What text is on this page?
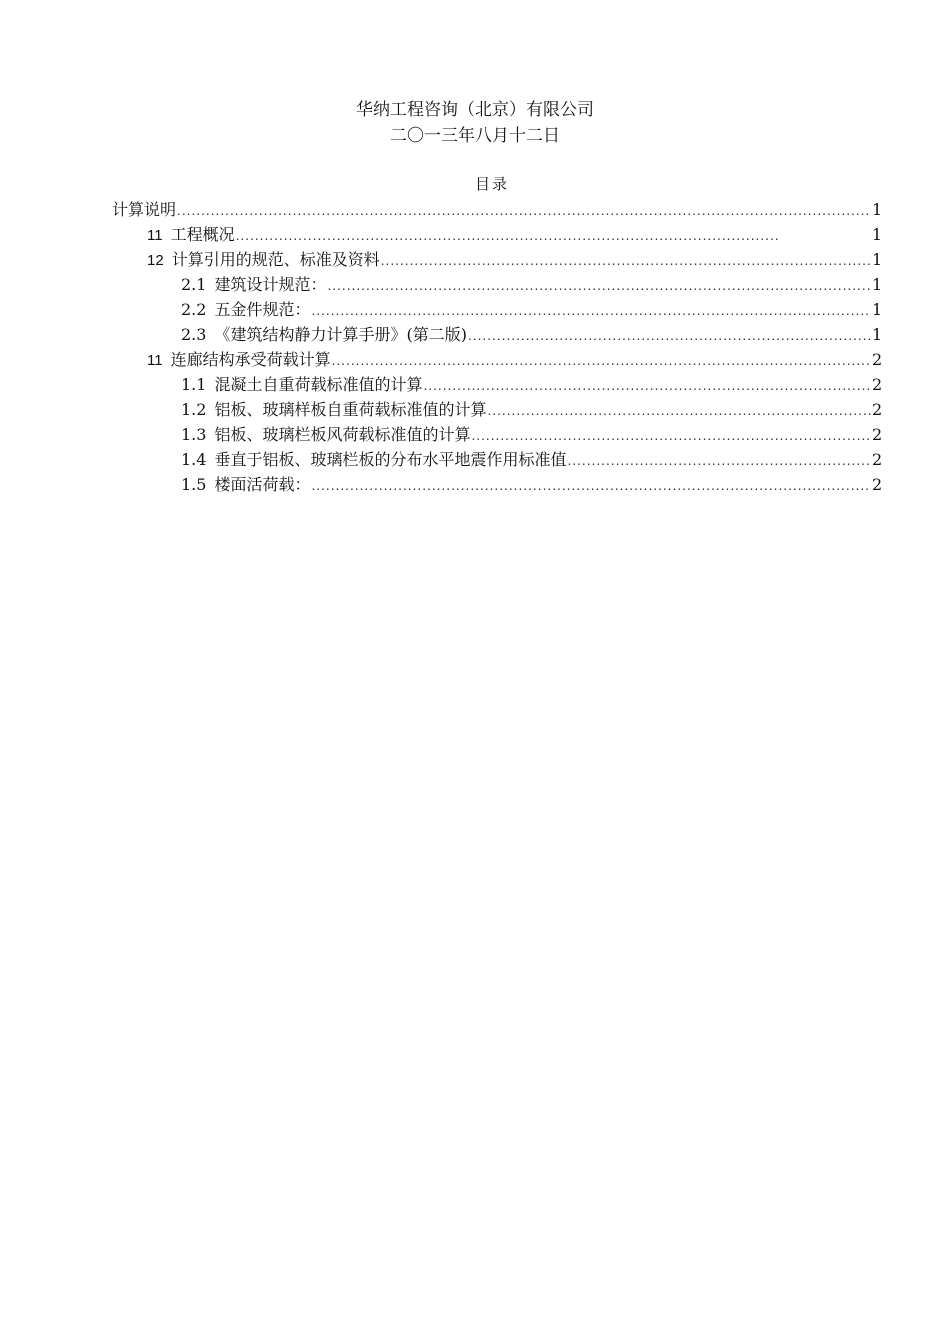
华纳工程咨询（北京）有限公司
二〇一三年八月十二日
目录
计算说明 .....	1
11 工程概况 .....	1
12 计算引用的规范、标准及资料 .....	1
2.1 建筑设计规范： .....	1
2.2 五金件规范： .....	1
2.3 《建筑结构静力计算手册》(第二版) .....	1
11 连廊结构承受荷载计算 .....	2
1.1 混凝土自重荷载标准值的计算 .....	2
1.2 铝板、玻璃样板自重荷载标准值的计算 .....	2
1.3 铝板、玻璃栏板风荷载标准值的计算 .....	2
1.4 垂直于铝板、玻璃栏板的分布水平地震作用标准值 .....	2
1.5 楼面活荷载： .....	2
